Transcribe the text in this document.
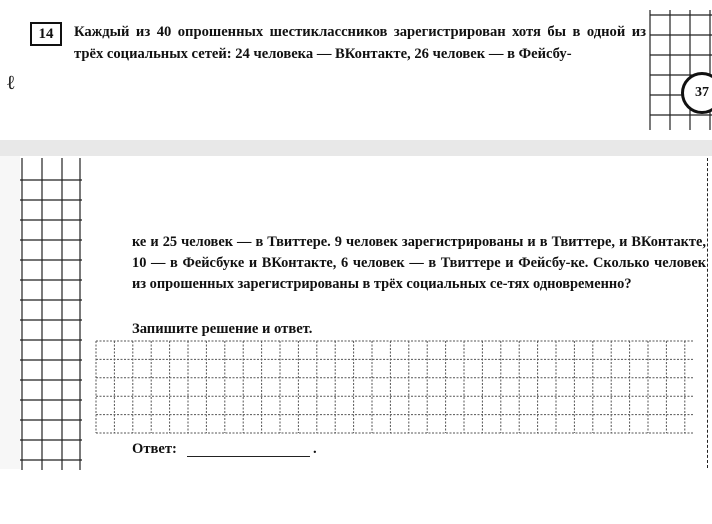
14	Каждый из 40 опрошенных шестиклассников зарегистрирован хотя бы в одной из трёх социальных сетей: 24 человека — ВКонтакте, 26 человек — в Фейсбу-
ℓ	37
ке и 25 человек — в Твиттере. 9 человек зарегистрированы и в Твиттере, и ВКонтакте, 10 — в Фейсбуке и ВКонтакте, 6 человек — в Твиттере и Фейсбу-ке. Сколько человек из опрошенных зарегистрированы в трёх социальных се-тях одновременно?
Запишите решение и ответ.
Ответ:	.
